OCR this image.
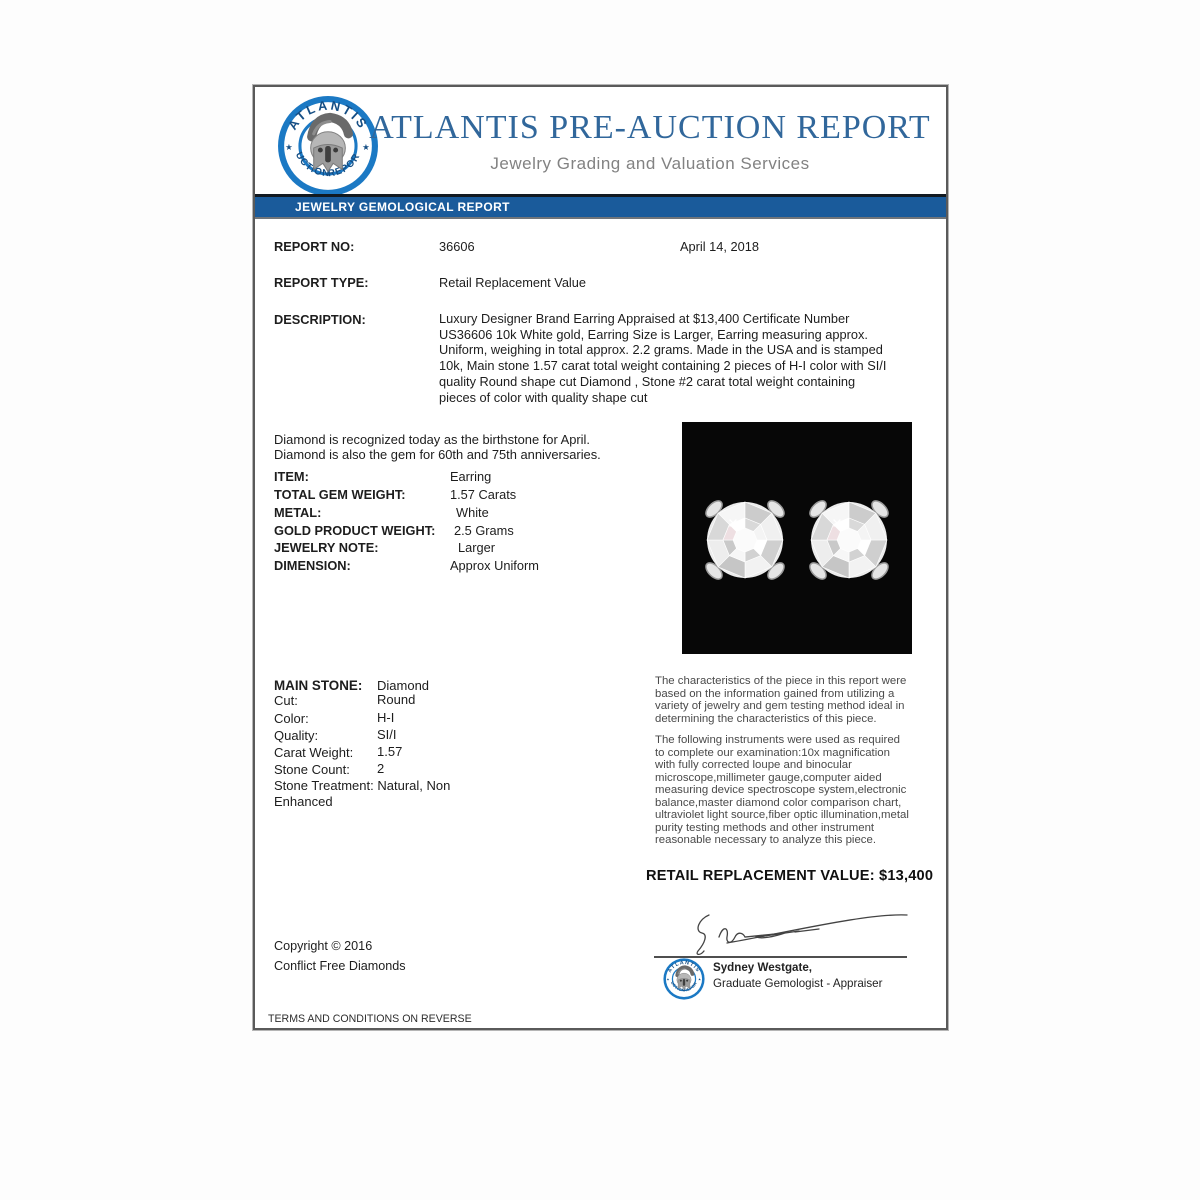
ATLANTIS PRE-AUCTION REPORT
Jewelry Grading and Valuation Services
JEWELRY GEMOLOGICAL REPORT
REPORT NO:	36606	April 14, 2018
REPORT TYPE:	Retail Replacement Value
DESCRIPTION:	Luxury Designer Brand Earring Appraised at $13,400 Certificate Number US36606 10k White gold, Earring Size is Larger, Earring measuring approx. Uniform, weighing in total approx. 2.2 grams. Made in the USA and is stamped 10k, Main stone 1.57 carat total weight containing 2 pieces of H-I color with SI/I quality Round shape cut Diamond , Stone #2 carat total weight containing pieces of color with quality shape cut
Diamond is recognized today as the birthstone for April.
Diamond is also the gem for 60th and 75th anniversaries.
ITEM:	Earring
TOTAL GEM WEIGHT:	1.57 Carats
METAL:	White
GOLD PRODUCT WEIGHT: 2.5 Grams
JEWELRY NOTE:	Larger
DIMENSION:	Approx Uniform
MAIN STONE: Diamond
Cut:	Round
Color:	H-I
Quality:	SI/I
Carat Weight: 1.57
Stone Count: 2
Stone Treatment: Natural, Non Enhanced
The characteristics of the piece in this report were based on the information gained from utilizing a variety of jewelry and gem testing method ideal in determining the characteristics of this piece.
The following instruments were used as required to complete our examination:10x magnification with fully corrected loupe and binocular microscope,millimeter gauge,computer aided measuring device spectroscope system,electronic balance,master diamond color comparison chart, ultraviolet light source,fiber optic illumination,metal purity testing methods and other instrument reasonable necessary to analyze this piece.
RETAIL REPLACEMENT VALUE: $13,400
Sydney Westgate,
Graduate Gemologist - Appraiser
Copyright © 2016
Conflict Free Diamonds
TERMS AND CONDITIONS ON REVERSE
